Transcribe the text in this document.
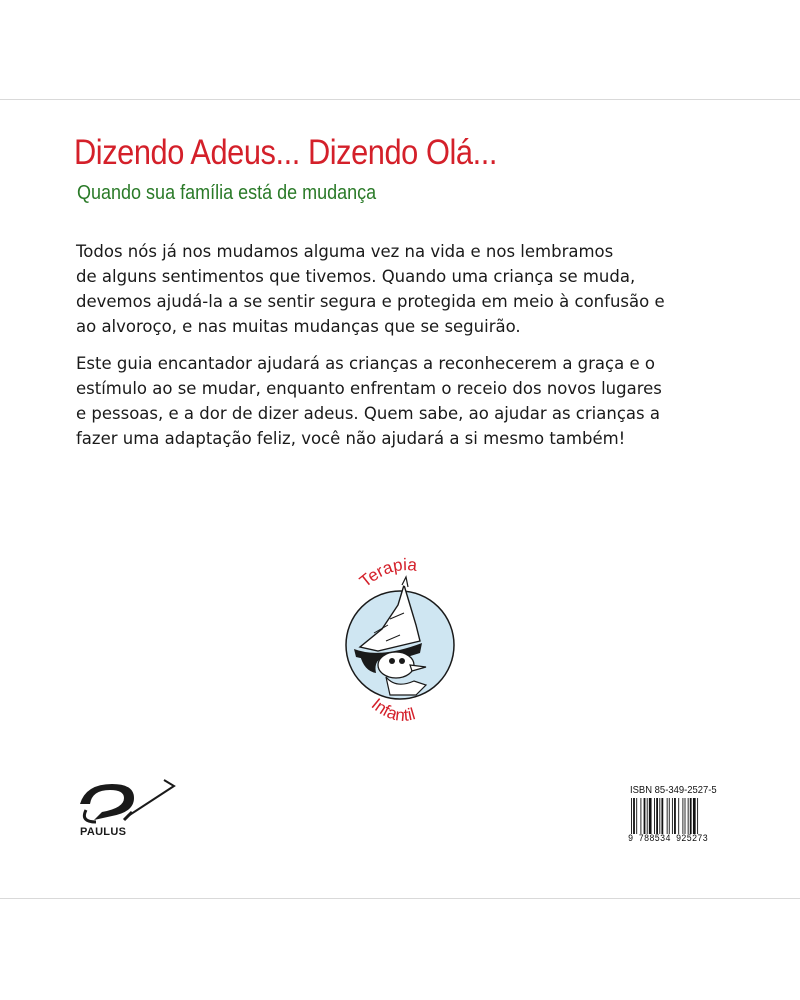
Dizendo Adeus... Dizendo Olá...
Quando sua família está de mudança
Todos nós já nos mudamos alguma vez na vida e nos lembramos
de alguns sentimentos que tivemos. Quando uma criança se muda,
devemos ajudá-la a se sentir segura e protegida em meio à confusão e
ao alvoroço, e nas muitas mudanças que se seguirão.
Este guia encantador ajudará as crianças a reconhecerem a graça e o
estímulo ao se mudar, enquanto enfrentam o receio dos novos lugares
e pessoas, e a dor de dizer adeus. Quem sabe, ao ajudar as crianças a
fazer uma adaptação feliz, você não ajudará a si mesmo também!
Terapia
Infantil
PAULUS
ISBN 85-349-2527-5
9 788534 925273
